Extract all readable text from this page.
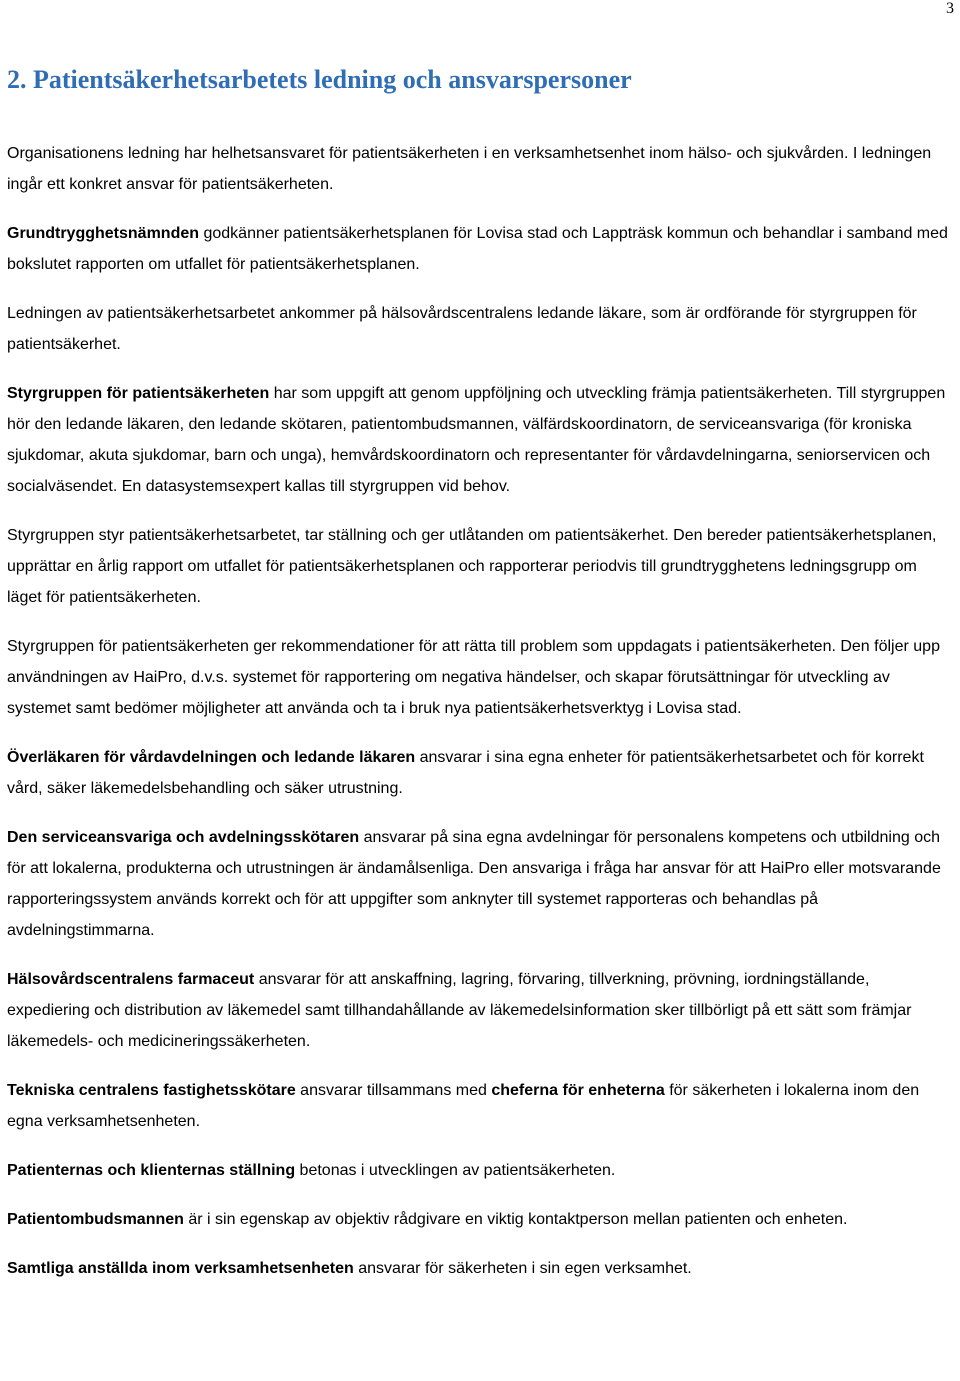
3
2. Patientsäkerhetsarbetets ledning och ansvarspersoner

Organisationens ledning har helhetsansvaret för patientsäkerheten i en verksamhetsenhet inom hälso- och sjukvården. I ledningen ingår ett konkret ansvar för patientsäkerheten.

Grundtrygghetsnämnden godkänner patientsäkerhetsplanen för Lovisa stad och Lappträsk kommun och behandlar i samband med bokslutet rapporten om utfallet för patientsäkerhetsplanen.

Ledningen av patientsäkerhetsarbetet ankommer på hälsovårdscentralens ledande läkare, som är ordförande för styrgruppen för patientsäkerhet.

Styrgruppen för patientsäkerheten har som uppgift att genom uppföljning och utveckling främja patientsäkerheten. Till styrgruppen hör den ledande läkaren, den ledande skötaren, patientombudsmannen, välfärdskoordinatorn, de serviceansvariga (för kroniska sjukdomar, akuta sjukdomar, barn och unga), hemvårdskoordinatorn och representanter för vårdavdelningarna, seniorservicen och socialväsendet. En datasystemsexpert kallas till styrgruppen vid behov.

Styrgruppen styr patientsäkerhetsarbetet, tar ställning och ger utlåtanden om patientsäkerhet. Den bereder patientsäkerhetsplanen, upprättar en årlig rapport om utfallet för patientsäkerhetsplanen och rapporterar periodvis till grundtrygghetens ledningsgrupp om läget för patientsäkerheten.

Styrgruppen för patientsäkerheten ger rekommendationer för att rätta till problem som uppdagats i patientsäkerheten. Den följer upp användningen av HaiPro, d.v.s. systemet för rapportering om negativa händelser, och skapar förutsättningar för utveckling av systemet samt bedömer möjligheter att använda och ta i bruk nya patientsäkerhetsverktyg i Lovisa stad.

Överläkaren för vårdavdelningen och ledande läkaren ansvarar i sina egna enheter för patientsäkerhetsarbetet och för korrekt vård, säker läkemedelsbehandling och säker utrustning.

Den serviceansvariga och avdelningsskötaren ansvarar på sina egna avdelningar för personalens kompetens och utbildning och för att lokalerna, produkterna och utrustningen är ändamålsenliga. Den ansvariga i fråga har ansvar för att HaiPro eller motsvarande rapporteringssystem används korrekt och för att uppgifter som anknyter till systemet rapporteras och behandlas på avdelningstimmarna.

Hälsovårdscentralens farmaceut ansvarar för att anskaffning, lagring, förvaring, tillverkning, prövning, iordningställande, expediering och distribution av läkemedel samt tillhandahållande av läkemedelsinformation sker tillbörligt på ett sätt som främjar läkemedels- och medicineringssäkerheten.

Tekniska centralens fastighetsskötare ansvarar tillsammans med cheferna för enheterna för säkerheten i lokalerna inom den egna verksamhetsenheten.

Patienternas och klienternas ställning betonas i utvecklingen av patientsäkerheten.

Patientombudsmannen är i sin egenskap av objektiv rådgivare en viktig kontaktperson mellan patienten och enheten.

Samtliga anställda inom verksamhetsenheten ansvarar för säkerheten i sin egen verksamhet.
